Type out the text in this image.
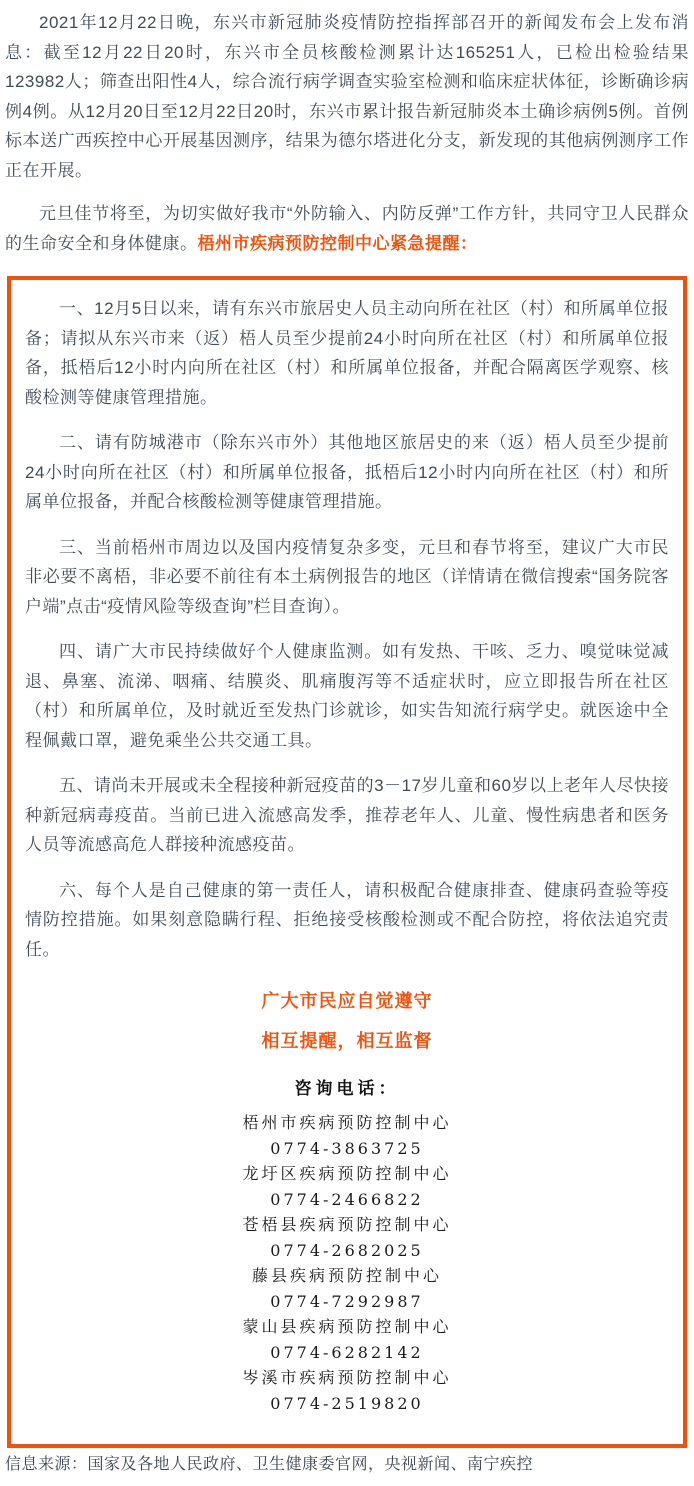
2021年12月22日晚，东兴市新冠肺炎疫情防控指挥部召开的新闻发布会上发布消息：截至12月22日20时，东兴市全员核酸检测累计达165251人，已检出检验结果123982人；筛查出阳性4人，综合流行病学调查实验室检测和临床症状体征，诊断确诊病例4例。从12月20日至12月22日20时，东兴市累计报告新冠肺炎本土确诊病例5例。首例标本送广西疾控中心开展基因测序，结果为德尔塔进化分支，新发现的其他病例测序工作正在开展。

元旦佳节将至，为切实做好我市“外防输入、内防反弹”工作方针，共同守卫人民群众的生命安全和身体健康。梧州市疾病预防控制中心紧急提醒：

一、12月5日以来，请有东兴市旅居史人员主动向所在社区（村）和所属单位报备；请拟从东兴市来（返）梧人员至少提前24小时向所在社区（村）和所属单位报备，抵梧后12小时内向所在社区（村）和所属单位报备，并配合隔离医学观察、核酸检测等健康管理措施。

二、请有防城港市（除东兴市外）其他地区旅居史的来（返）梧人员至少提前24小时向所在社区（村）和所属单位报备，抵梧后12小时内向所在社区（村）和所属单位报备，并配合核酸检测等健康管理措施。

三、当前梧州市周边以及国内疫情复杂多变，元旦和春节将至，建议广大市民非必要不离梧，非必要不前往有本土病例报告的地区（详情请在微信搜索“国务院客户端”点击“疫情风险等级查询”栏目查询）。

四、请广大市民持续做好个人健康监测。如有发热、干咳、乏力、嗅觉味觉减退、鼻塞、流涕、咽痛、结膜炎、肌痛腹泻等不适症状时，应立即报告所在社区（村）和所属单位，及时就近至发热门诊就诊，如实告知流行病学史。就医途中全程佩戴口罩，避免乘坐公共交通工具。

五、请尚未开展或未全程接种新冠疫苗的3－17岁儿童和60岁以上老年人尽快接种新冠病毒疫苗。当前已进入流感高发季，推荐老年人、儿童、慢性病患者和医务人员等流感高危人群接种流感疫苗。

六、每个人是自己健康的第一责任人，请积极配合健康排查、健康码查验等疫情防控措施。如果刻意隐瞒行程、拒绝接受核酸检测或不配合防控，将依法追究责任。

广大市民应自觉遵守

相互提醒，相互监督

咨询电话：

梧州市疾病预防控制中心

0774-3863725

龙圩区疾病预防控制中心

0774-2466822

苍梧县疾病预防控制中心

0774-2682025

藤县疾病预防控制中心

0774-7292987

蒙山县疾病预防控制中心

0774-6282142

岑溪市疾病预防控制中心

0774-2519820

信息来源：国家及各地人民政府、卫生健康委官网，央视新闻、南宁疾控
